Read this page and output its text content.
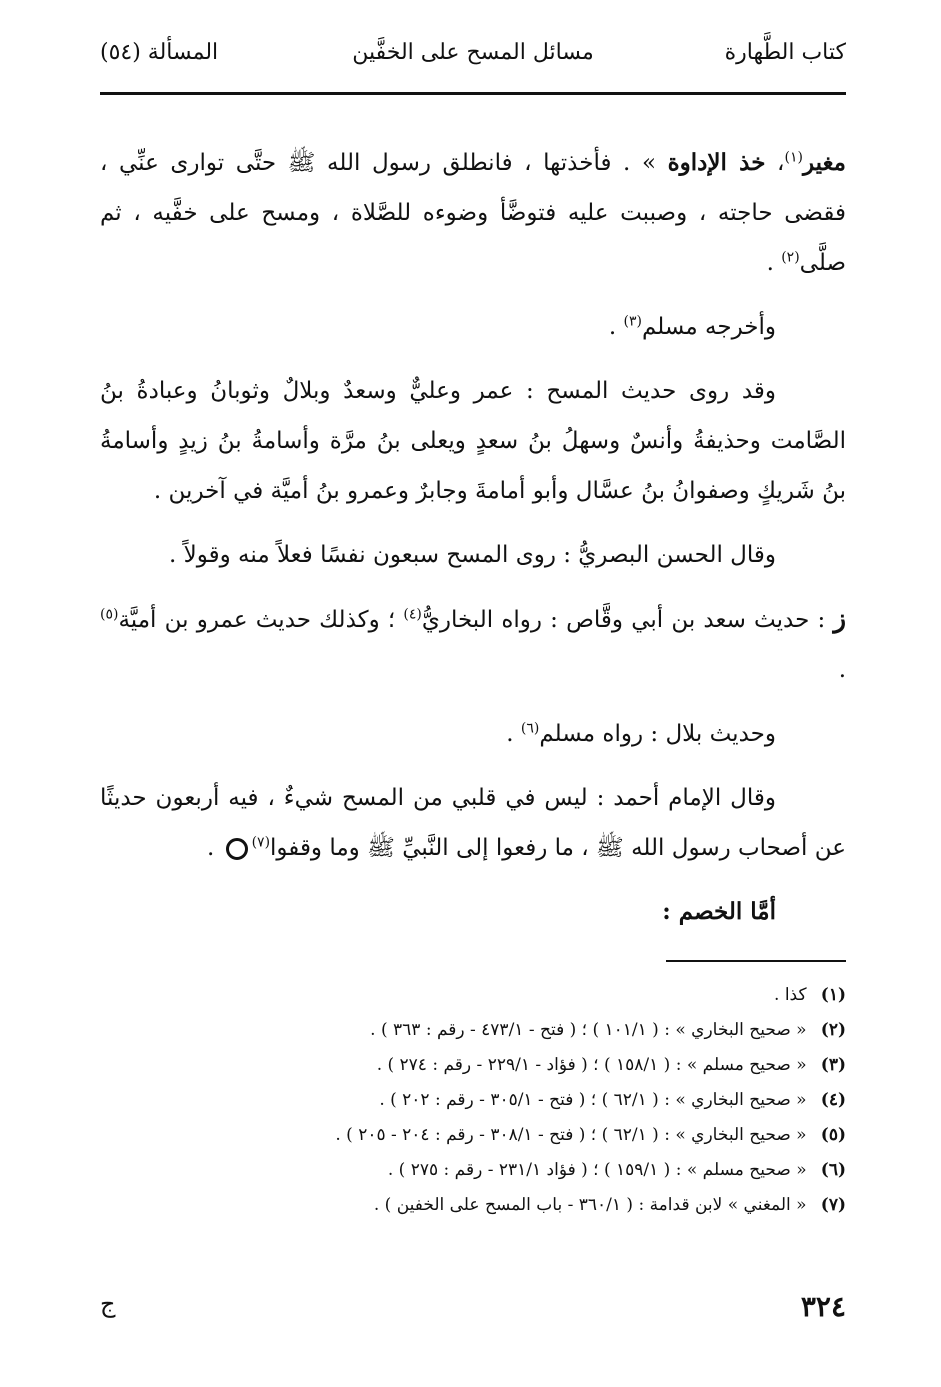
كتاب الطَّهارة
مسائل المسح على الخفَّين
المسألة (٥٤)

مغير$^{(١)}$، خذ الإداوة » . فأخذتها ، فانطلق رسول الله ﷺ حتَّى توارى عنِّي ، فقضى حاجته ، وصببت عليه فتوضَّأ وضوءه للصَّلاة ، ومسح على خفَّيه ، ثم صلَّى$^{(٢)}$ .

وأخرجه مسلم$^{(٣)}$ .

وقد روى حديث المسح : عمر وعليٌّ وسعدٌ وبلالٌ وثوبانُ وعبادةُ بنُ الصَّامت وحذيفةُ وأنسٌ وسهلُ بنُ سعدٍ ويعلى بنُ مرَّة وأسامةُ بنُ زيدٍ وأسامةُ بنُ شَريكٍ وصفوانُ بنُ عسَّال وأبو أمامةَ وجابرٌ وعمرو بنُ أميَّة في آخرين .

وقال الحسن البصريُّ : روى المسح سبعون نفسًا فعلاً منه وقولاً .

ز : حديث سعد بن أبي وقَّاص : رواه البخاريُّ$^{(٤)}$ ؛ وكذلك حديث عمرو بن أميَّة$^{(٥)}$ .

وحديث بلال : رواه مسلم$^{(٦)}$ .

وقال الإمام أحمد : ليس في قلبي من المسح شيءٌ ، فيه أربعون حديثًا عن أصحاب رسول الله ﷺ ، ما رفعوا إلى النَّبيِّ ﷺ وما وقفوا$^{(٧)}$ .

أمَّا الخصم :

(١) كذا .
(٢) « صحيح البخاري » : ( ١٠١/١ ) ؛ ( فتح - ٤٧٣/١ - رقم : ٣٦٣ ) .
(٣) « صحيح مسلم » : ( ١٥٨/١ ) ؛ ( فؤاد - ٢٢٩/١ - رقم : ٢٧٤ ) .
(٤) « صحيح البخاري » : ( ٦٢/١ ) ؛ ( فتح - ٣٠٥/١ - رقم : ٢٠٢ ) .
(٥) « صحيح البخاري » : ( ٦٢/١ ) ؛ ( فتح - ٣٠٨/١ - رقم : ٢٠٤ - ٢٠٥ ) .
(٦) « صحيح مسلم » : ( ١٥٩/١ ) ؛ ( فؤاد ٢٣١/١ - رقم : ٢٧٥ ) .
(٧) « المغني » لابن قدامة : ( ٣٦٠/١ - باب المسح على الخفين ) .
٣٢٤
ج
